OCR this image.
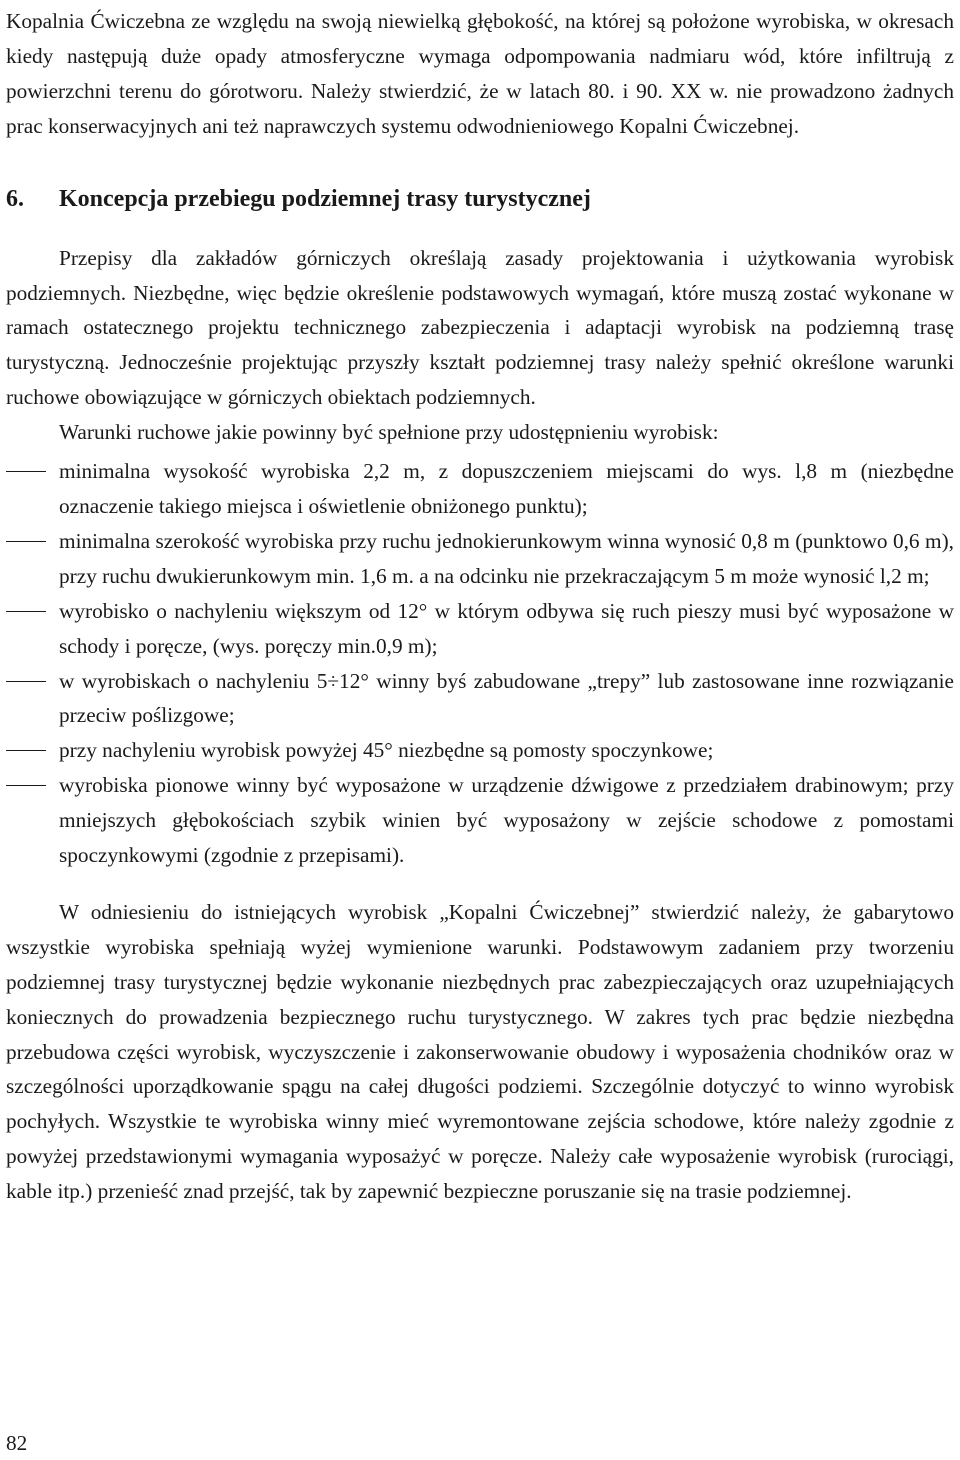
Kopalnia Ćwiczebna ze względu na swoją niewielką głębokość, na której są położone wyrobiska, w okresach kiedy następują duże opady atmosferyczne wymaga odpompowania nadmiaru wód, które infiltrują z powierzchni terenu do górotworu. Należy stwierdzić, że w latach 80. i 90. XX w. nie prowadzono żadnych prac konserwacyjnych ani też naprawczych systemu odwodnieniowego Kopalni Ćwiczebnej.

6. Koncepcja przebiegu podziemnej trasy turystycznej

Przepisy dla zakładów górniczych określają zasady projektowania i użytkowania wyrobisk podziemnych. Niezbędne, więc będzie określenie podstawowych wymagań, które muszą zostać wykonane w ramach ostatecznego projektu technicznego zabezpieczenia i adaptacji wyrobisk na podziemną trasę turystyczną. Jednocześnie projektując przyszły kształt podziemnej trasy należy spełnić określone warunki ruchowe obowiązujące w górniczych obiektach podziemnych.

Warunki ruchowe jakie powinny być spełnione przy udostępnieniu wyrobisk:

minimalna wysokość wyrobiska 2,2 m, z dopuszczeniem miejscami do wys. l,8 m (niezbędne oznaczenie takiego miejsca i oświetlenie obniżonego punktu);
minimalna szerokość wyrobiska przy ruchu jednokierunkowym winna wynosić 0,8 m (punktowo 0,6 m), przy ruchu dwukierunkowym min. 1,6 m. a na odcinku nie przekraczającym 5 m może wynosić l,2 m;
wyrobisko o nachyleniu większym od 12° w którym odbywa się ruch pieszy musi być wyposażone w schody i poręcze, (wys. poręczy min.0,9 m);
w wyrobiskach o nachyleniu 5÷12° winny byś zabudowane „trepy” lub zastosowane inne rozwiązanie przeciw poślizgowe;
przy nachyleniu wyrobisk powyżej 45° niezbędne są pomosty spoczynkowe;
wyrobiska pionowe winny być wyposażone w urządzenie dźwigowe z przedziałem drabinowym; przy mniejszych głębokościach szybik winien być wyposażony w zejście schodowe z pomostami spoczynkowymi (zgodnie z przepisami).

W odniesieniu do istniejących wyrobisk „Kopalni Ćwiczebnej” stwierdzić należy, że gabarytowo wszystkie wyrobiska spełniają wyżej wymienione warunki. Podstawowym zadaniem przy tworzeniu podziemnej trasy turystycznej będzie wykonanie niezbędnych prac zabezpieczających oraz uzupełniających koniecznych do prowadzenia bezpiecznego ruchu turystycznego. W zakres tych prac będzie niezbędna przebudowa części wyrobisk, wyczyszczenie i zakonserwowanie obudowy i wyposażenia chodników oraz w szczególności uporządkowanie spągu na całej długości podziemi. Szczególnie dotyczyć to winno wyrobisk pochyłych. Wszystkie te wyrobiska winny mieć wyremontowane zejścia schodowe, które należy zgodnie z powyżej przedstawionymi wymagania wyposażyć w poręcze. Należy całe wyposażenie wyrobisk (rurociągi, kable itp.) przenieść znad przejść, tak by zapewnić bezpieczne poruszanie się na trasie podziemnej.

82
